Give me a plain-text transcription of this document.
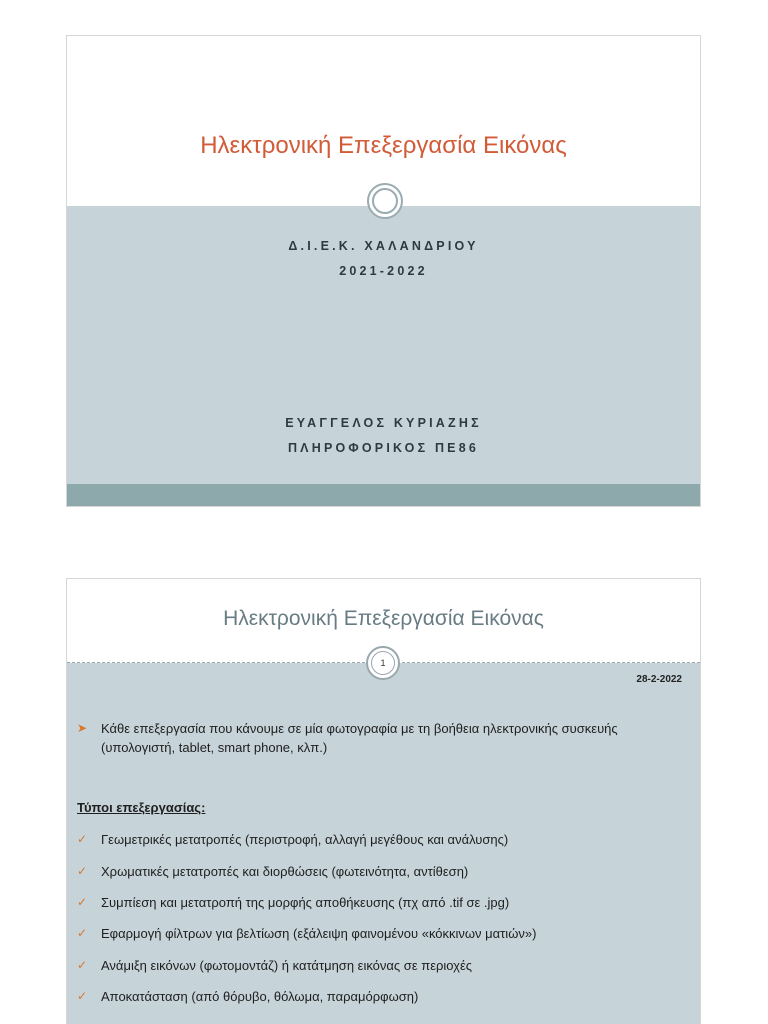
Ηλεκτρονική Επεξεργασία Εικόνας
Δ.Ι.Ε.Κ. ΧΑΛΑΝΔΡΙΟΥ
2021-2022
ΕΥΑΓΓΕΛΟΣ ΚΥΡΙΑΖΗΣ
ΠΛΗΡΟΦΟΡΙΚΟΣ ΠΕ86
Ηλεκτρονική Επεξεργασία Εικόνας
1
28-2-2022
➤ Κάθε επεξεργασία που κάνουμε σε μία φωτογραφία με τη βοήθεια ηλεκτρονικής συσκευής (υπολογιστή, tablet, smart phone, κλπ.)
Τύποι επεξεργασίας:
✓ Γεωμετρικές μετατροπές (περιστροφή, αλλαγή μεγέθους και ανάλυσης)
✓ Χρωματικές μετατροπές και διορθώσεις (φωτεινότητα, αντίθεση)
✓ Συμπίεση και μετατροπή της μορφής αποθήκευσης (πχ από .tif σε .jpg)
✓ Εφαρμογή φίλτρων για βελτίωση (εξάλειψη φαινομένου «κόκκινων ματιών»)
✓ Ανάμιξη εικόνων (φωτομοντάζ) ή κατάτμηση εικόνας σε περιοχές
✓ Αποκατάσταση (από θόρυβο, θόλωμα, παραμόρφωση)
